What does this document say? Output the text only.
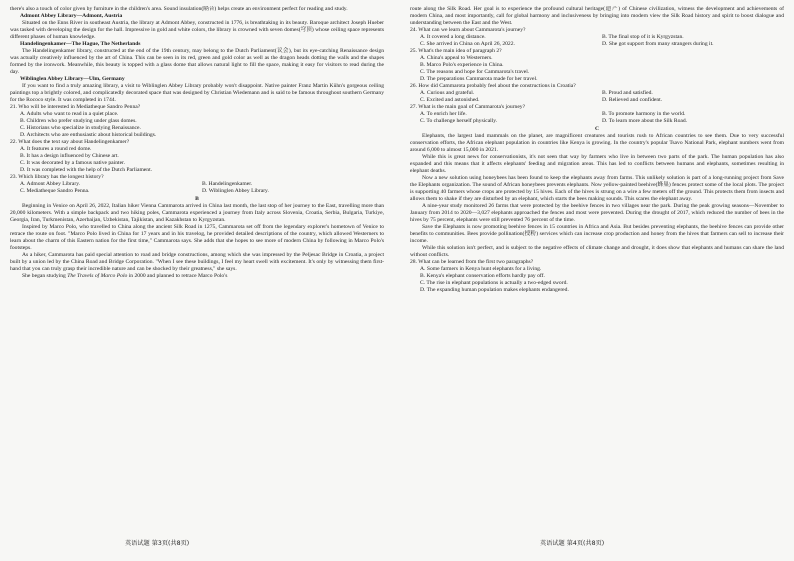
there's also a touch of color given by furniture in the children's area. Sound insulation(隔音) helps create an environment perfect for reading and study.

Admont Abbey Library—Admont, Austria

Situated on the Enns River in southeast Austria, the library at Admont Abbey, constructed in 1776, is breathtaking in its beauty. Baroque architect Joseph Hueber was tasked with developing the design for the hall. Impressive in gold and white colors, the library is crowned with seven domes(穹顶) whose ceiling space represents different phases of human knowledge.

Handelingenkamer—The Hague, The Netherlands

The Handelingenkamer library, constructed at the end of the 19th century, may belong to the Dutch Parliament(议会), but its eye-catching Renaissance design was actually creatively influenced by the art of China. This can be seen in its red, green and gold color as well as the dragon heads dotting the walls and the shapes formed by the ironwork. Meanwhile, this beauty is topped with a glass dome that allows natural light to fill the space, making it easy for visitors to read during the day.

Wiblinglen Abbey Library—Ulm, Germany

If you want to find a truly amazing library, a visit to Wiblinglen Abbey Library probably won't disappoint. Native painter Franz Martin Kühn's gorgeous ceiling paintings top a brightly colored, and complicatedly decorated space that was designed by Christian Wiedemann and is said to be famous throughout southern Germany for the Rococo style. It was completed in 1744.

21. Who will be interested in Mediatheque Sandro Penna?
A. Adults who want to read in a quiet place.
B. Children who prefer studying under glass domes.
C. Historians who specialize in studying Renaissance.
D. Architects who are enthusiastic about historical buildings.
22. What does the text say about Handelingenkamer?
A. It features a round red dome.
B. It has a design influenced by Chinese art.
C. It was decorated by a famous native painter.
D. It was completed with the help of the Dutch Parliament.
23. Which library has the longest history?
A. Admont Abbey Library.	B. Handelingenkamer.
C. Mediatheque Sandro Penna.	D. Wiblinglen Abbey Library.

B

Beginning in Venice on April 26, 2022, Italian hiker Vienna Cammarota arrived in China last month, the last stop of her journey to the East, travelling more than 20,000 kilometers. With a simple backpack and two hiking poles, Cammarota experienced a journey from Italy across Slovenia, Croatia, Serbia, Bulgaria, Turkiye, Georgia, Iran, Turkmenistan, Azerbaijan, Uzbekistan, Tajikistan, and Kazakhstan to Kyrgyzstan.

Inspired by Marco Polo, who travelled to China along the ancient Silk Road in 1275, Cammarota set off from the legendary explorer's hometown of Venice to retrace the route on foot. "Marco Polo lived in China for 17 years and in his travelog, he provided detailed descriptions of the country, which allowed Westerners to learn about the charm of this Eastern nation for the first time," Cammarota says. She adds that she hopes to see more of modern China by following in Marco Polo's footsteps.

As a hiker, Cammarota has paid special attention to road and bridge constructions, among which she was impressed by the Peljesac Bridge in Croatia, a project built by a union led by the China Road and Bridge Corporation. "When I see these buildings, I feel my heart swell with excitement. It's only by witnessing them first-hand that you can truly grasp their incredible nature and can be shocked by their greatness," she says.

She began studying The Travels of Marco Polo in 2000 and planned to retrace Marco Polo's

route along the Silk Road. Her goal is to experience the profound cultural heritage(遗产) of Chinese civilization, witness the development and achievements of modern China, and most importantly, call for global harmony and inclusiveness by bringing into modern view the Silk Road history and spirit to boost dialogue and understanding between the East and the West.

24. What can we learn about Cammarota's journey?
A. It covered a long distance.	B. The final stop of it is Kyrgyzstan.
C. She arrived in China on April 26, 2022.	D. She got support from many strangers during it.
25. What's the main idea of paragraph 2?
A. China's appeal to Westerners.
B. Marco Polo's experience in China.
C. The reasons and hope for Cammarota's travel.
D. The preparations Cammarota made for her travel.
26. How did Cammarota probably feel about the constructions in Croatia?
A. Curious and grateful.	B. Proud and satisfied.
C. Excited and astonished.	D. Relieved and confident.
27. What is the main goal of Cammarota's journey?
A. To enrich her life.	B. To promote harmony in the world.
C. To challenge herself physically.	D. To learn more about the Silk Road.

C

Elephants, the largest land mammals on the planet, are magnificent creatures and tourists rush to African countries to see them. Due to very successful conservation efforts, the African elephant population in countries like Kenya is growing. In the country's popular Tsavo National Park, elephant numbers went from around 6,000 to almost 15,000 in 2021.

While this is great news for conservationists, it's not seen that way by farmers who live in between two parts of the park. The human population has also expanded and this means that it affects elephants' feeding and migration areas. This has led to conflicts between humans and elephants, sometimes resulting in elephant deaths.

Now a new solution using honeybees has been found to keep the elephants away from farms. This unlikely solution is part of a long-running project from Save the Elephants organization. The sound of African honeybees prevents elephants. Now yellow-painted beehive(蜂巢) fences protect some of the local plots. The project is supporting 40 farmers whose crops are protected by 15 hives. Each of the hives is strung on a wire a few meters off the ground. This protects them from insects and allows them to shake if they are disturbed by an elephant, which starts the bees making sounds. This scares the elephant away.

A nine-year study monitored 26 farms that were protected by the beehive fences in two villages near the park. During the peak growing seasons—November to January from 2014 to 2020—3,027 elephants approached the fences and most were prevented. During the drought of 2017, which reduced the number of bees in the hives by 75 percent, elephants were still prevented 76 percent of the time.

Save the Elephants is now promoting beehive fences in 15 countries in Africa and Asia. But besides preventing elephants, the beehive fences can provide other benefits to communities. Bees provide pollination(授粉) services which can increase crop production and honey from the hives that farmers can sell to increase their income.

While this solution isn't perfect, and is subject to the negative effects of climate change and drought, it does show that elephants and humans can share the land without conflicts.

28. What can be learned from the first two paragraphs?
A. Some farmers in Kenya hunt elephants for a living.
B. Kenya's elephant conservation efforts hardly pay off.
C. The rise in elephant populations is actually a two-edged sword.
D. The expanding human population makes elephants endangered.
英语试题 第3页(共8页)	英语试题 第4页(共8页)
